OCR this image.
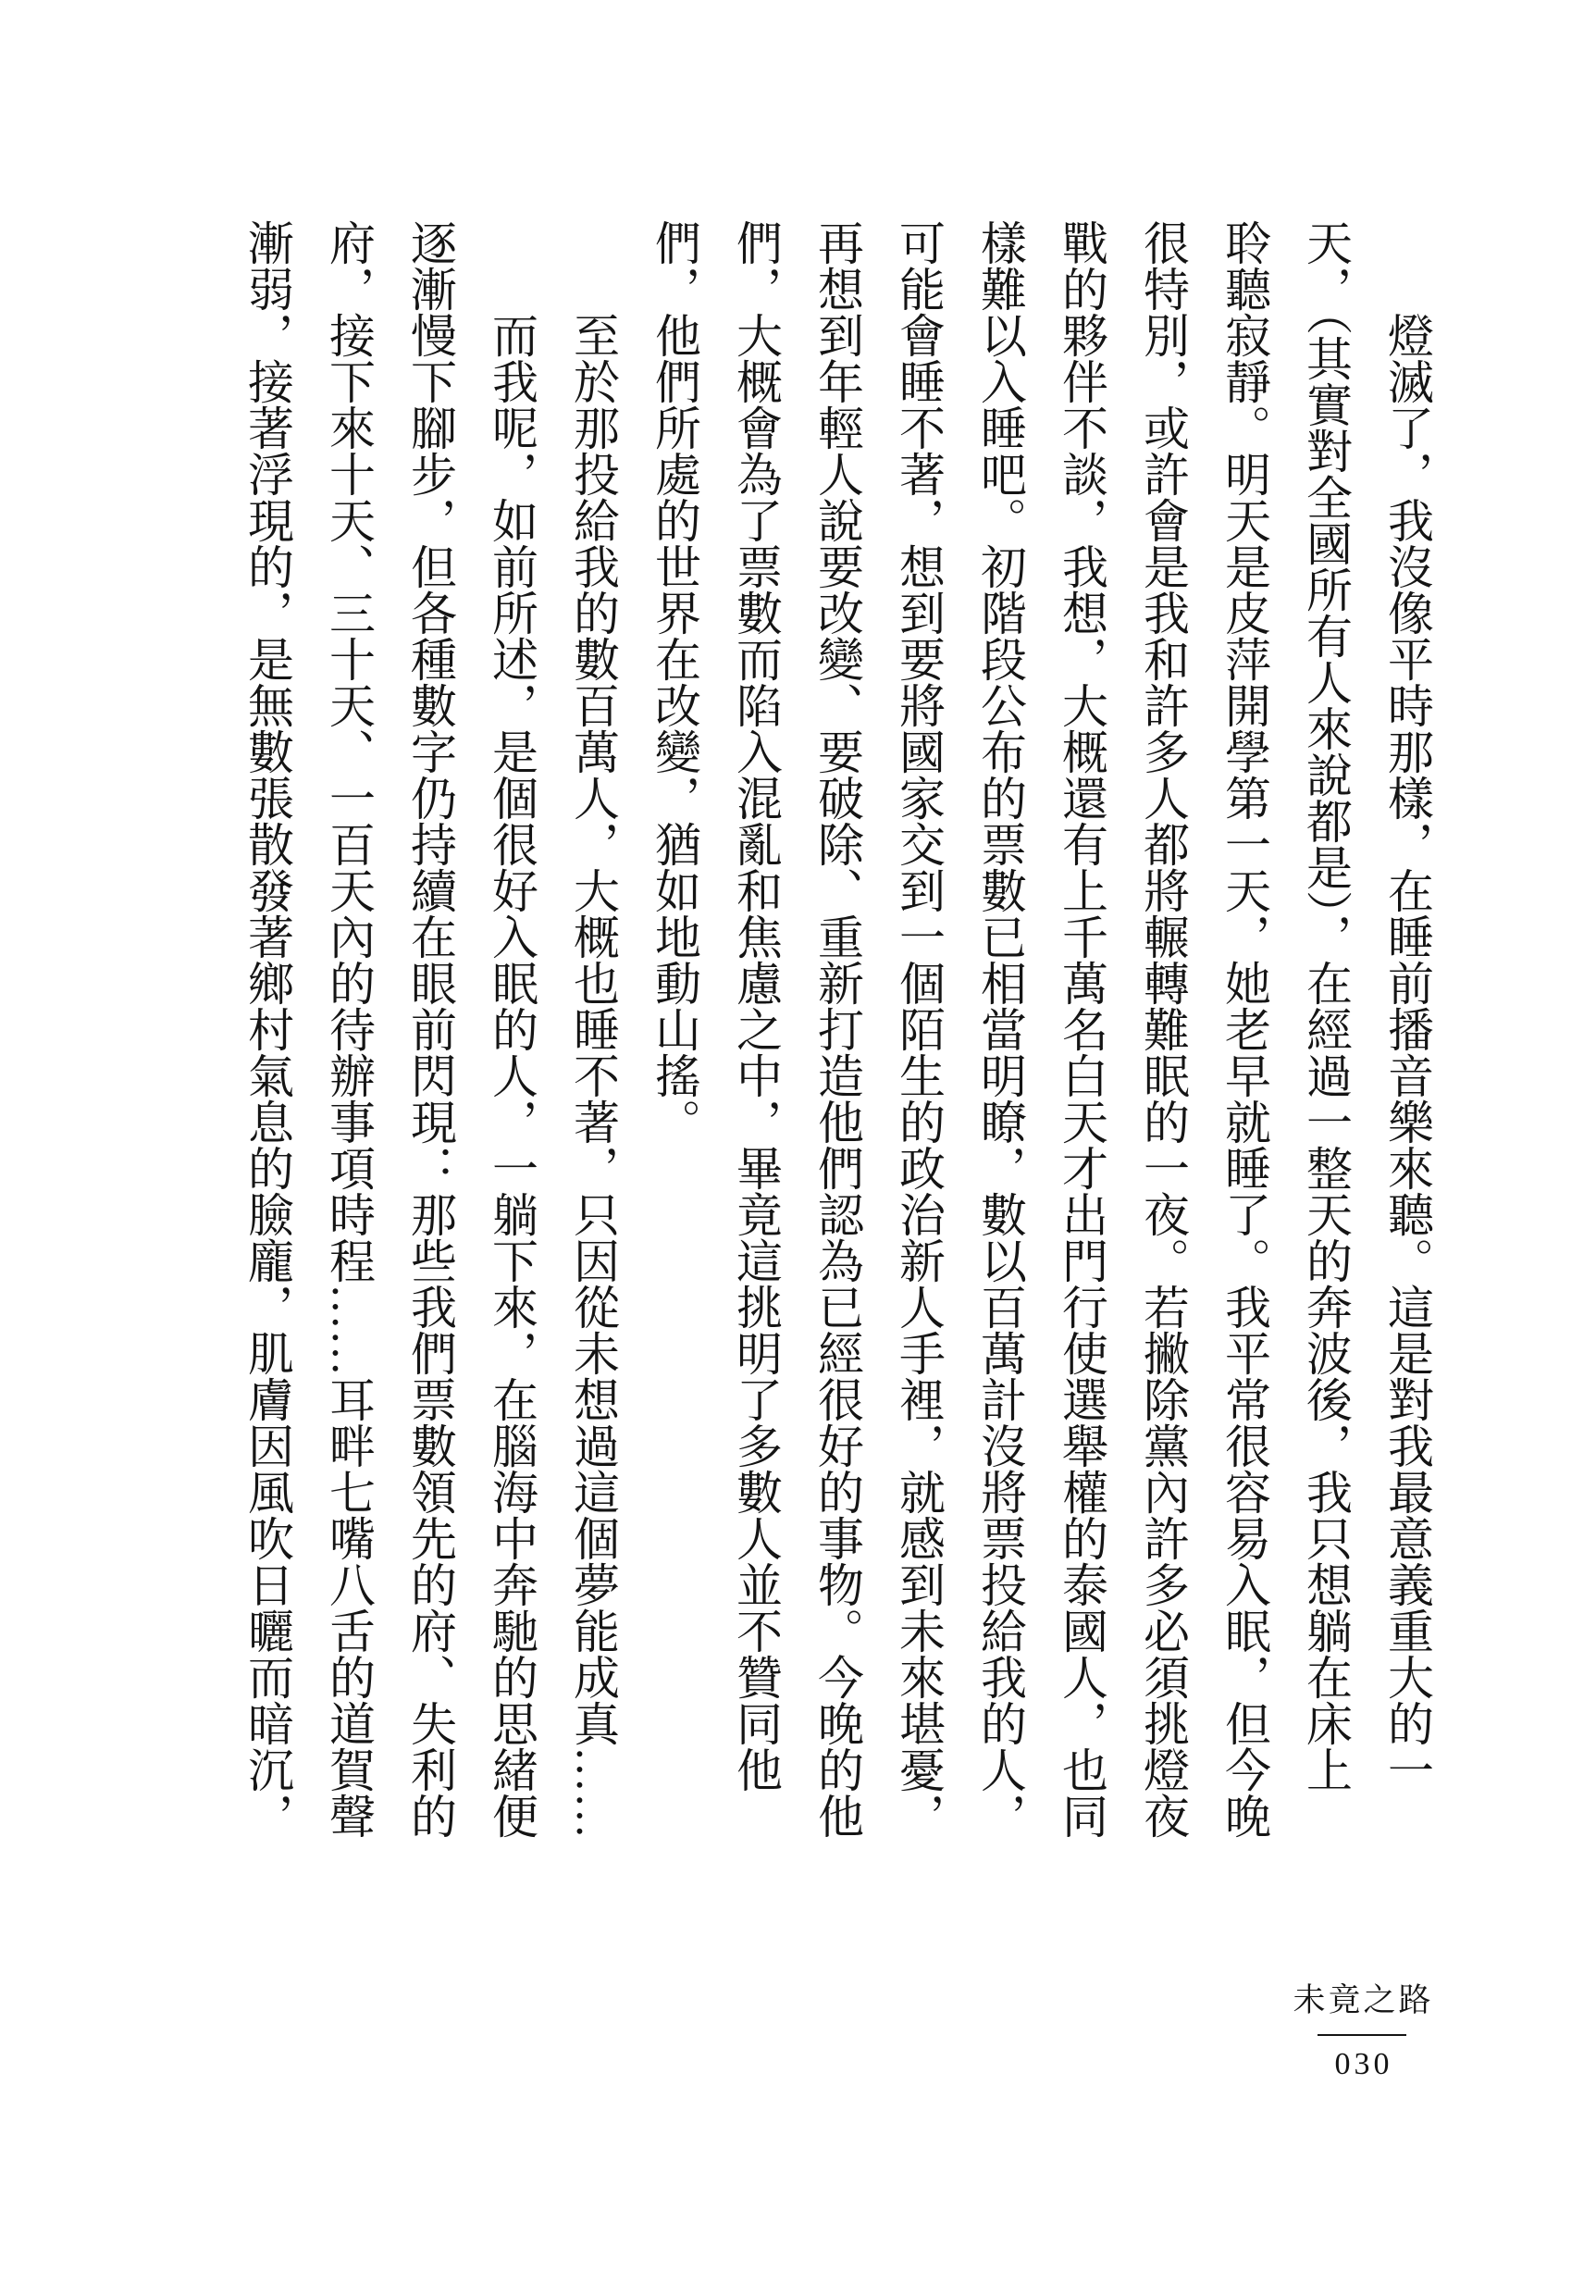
燈滅了，我沒像平時那樣，在睡前播音樂來聽。這是對我最意義重大的一
天，（其實對全國所有人來說都是），在經過一整天的奔波後，我只想躺在床上
聆聽寂靜。明天是皮萍開學第一天，她老早就睡了。我平常很容易入眠，但今晚
很特別，或許會是我和許多人都將輾轉難眠的一夜。若撇除黨內許多必須挑燈夜
戰的夥伴不談，我想，大概還有上千萬名白天才出門行使選舉權的泰國人，也同
樣難以入睡吧。初階段公布的票數已相當明瞭，數以百萬計沒將票投給我的人，
可能會睡不著，想到要將國家交到一個陌生的政治新人手裡，就感到未來堪憂，
再想到年輕人說要改變、要破除、重新打造他們認為已經很好的事物。今晚的他
們，大概會為了票數而陷入混亂和焦慮之中，畢竟這挑明了多數人並不贊同他
們，他們所處的世界在改變，猶如地動山搖。
至於那投給我的數百萬人，大概也睡不著，只因從未想過這個夢能成真……
而我呢，如前所述，是個很好入眠的人，一躺下來，在腦海中奔馳的思緒便
逐漸慢下腳步，但各種數字仍持續在眼前閃現：那些我們票數領先的府、失利的
府，接下來十天、三十天、一百天內的待辦事項時程……耳畔七嘴八舌的道賀聲
漸弱，接著浮現的，是無數張散發著鄉村氣息的臉龐，肌膚因風吹日曬而暗沉，
未竟之路
030
